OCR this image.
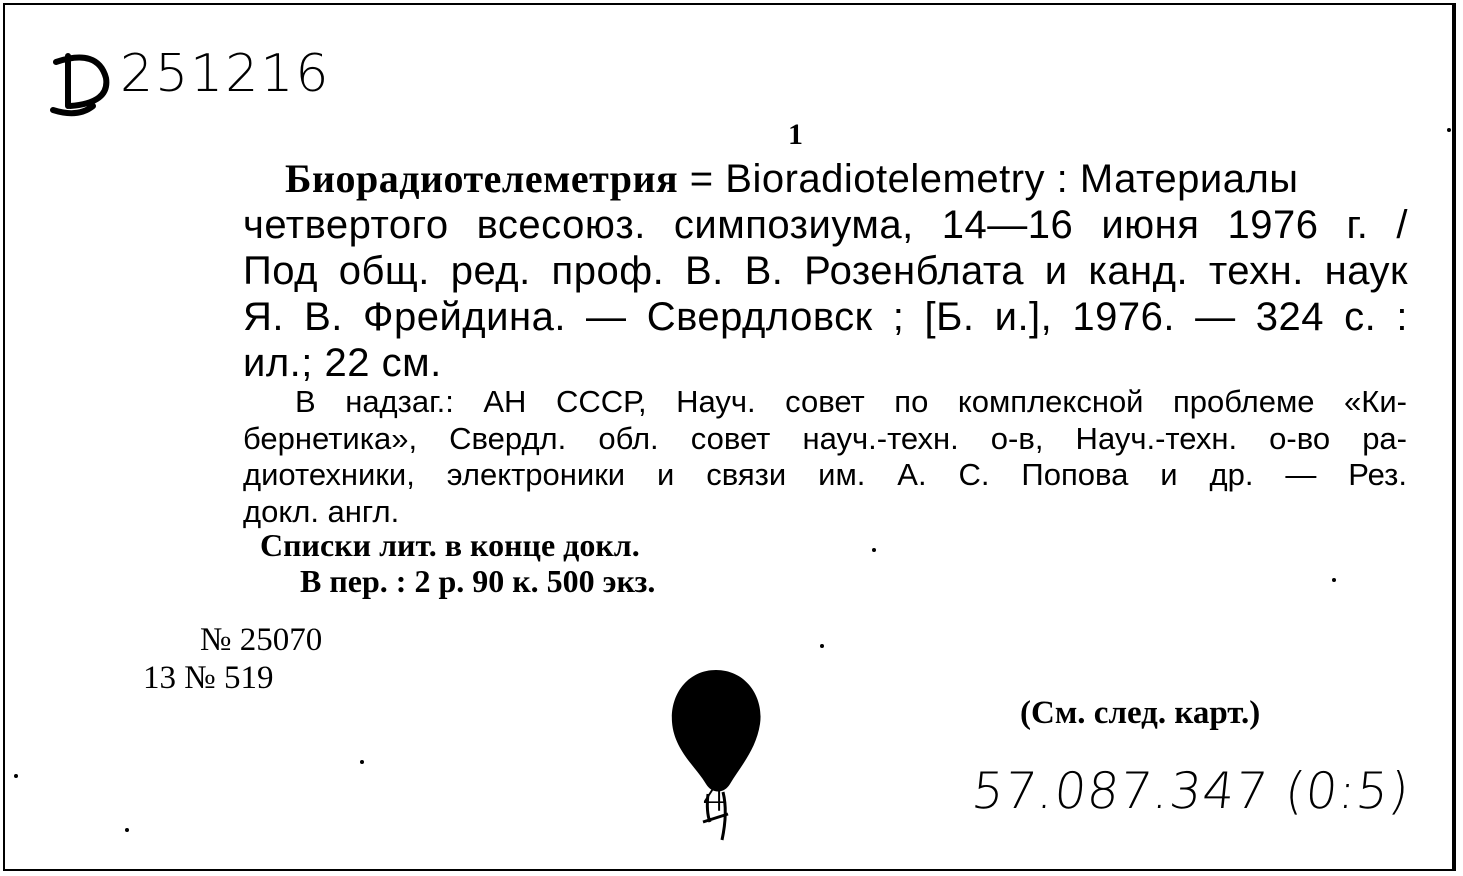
251216
1
Биорадиотелеметрия = Bioradiotelemetry : Материалы
четвертого всесоюз. симпозиума, 14—16 июня 1976 г. /
Под общ. ред. проф. В. В. Розенблата и канд. техн. наук
Я. В. Фрейдина. — Свердловск ; [Б. и.], 1976. — 324 с. :
ил.; 22 см.
В надзаг.: АН СССР, Науч. совет по комплексной проблеме «Ки-
бернетика», Свердл. обл. совет науч.-техн. о-в, Науч.-техн. о-во ра-
диотехники, электроники и связи им. А. С. Попова и др. — Рез.
докл. англ.
Списки лит. в конце докл.
В пер. : 2 р. 90 к. 500 экз.
№ 25070
13 № 519
(См. след. карт.)
4	57.087.347 (0:5)
